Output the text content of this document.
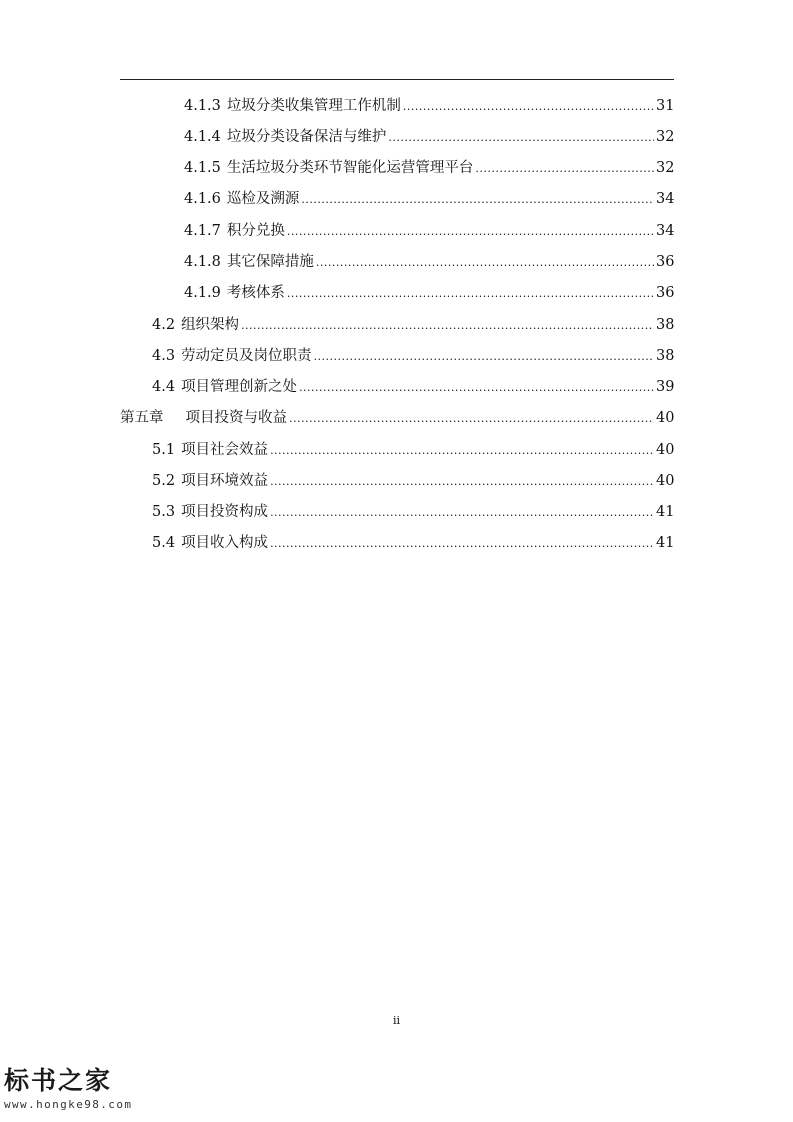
4.1.3 垃圾分类收集管理工作机制 .....	31
4.1.4 垃圾分类设备保洁与维护 .....	32
4.1.5 生活垃圾分类环节智能化运营管理平台 .....	32
4.1.6 巡检及溯源 .....	34
4.1.7 积分兑换 .....	34
4.1.8 其它保障措施 .....	36
4.1.9 考核体系 .....	36
4.2 组织架构 .....	38
4.3 劳动定员及岗位职责 .....	38
4.4 项目管理创新之处 .....	39
第五章 项目投资与收益 .....	40
5.1 项目社会效益 .....	40
5.2 项目环境效益 .....	40
5.3 项目投资构成 .....	41
5.4 项目收入构成 .....	41
ii
标书之家
www.hongke98.com
